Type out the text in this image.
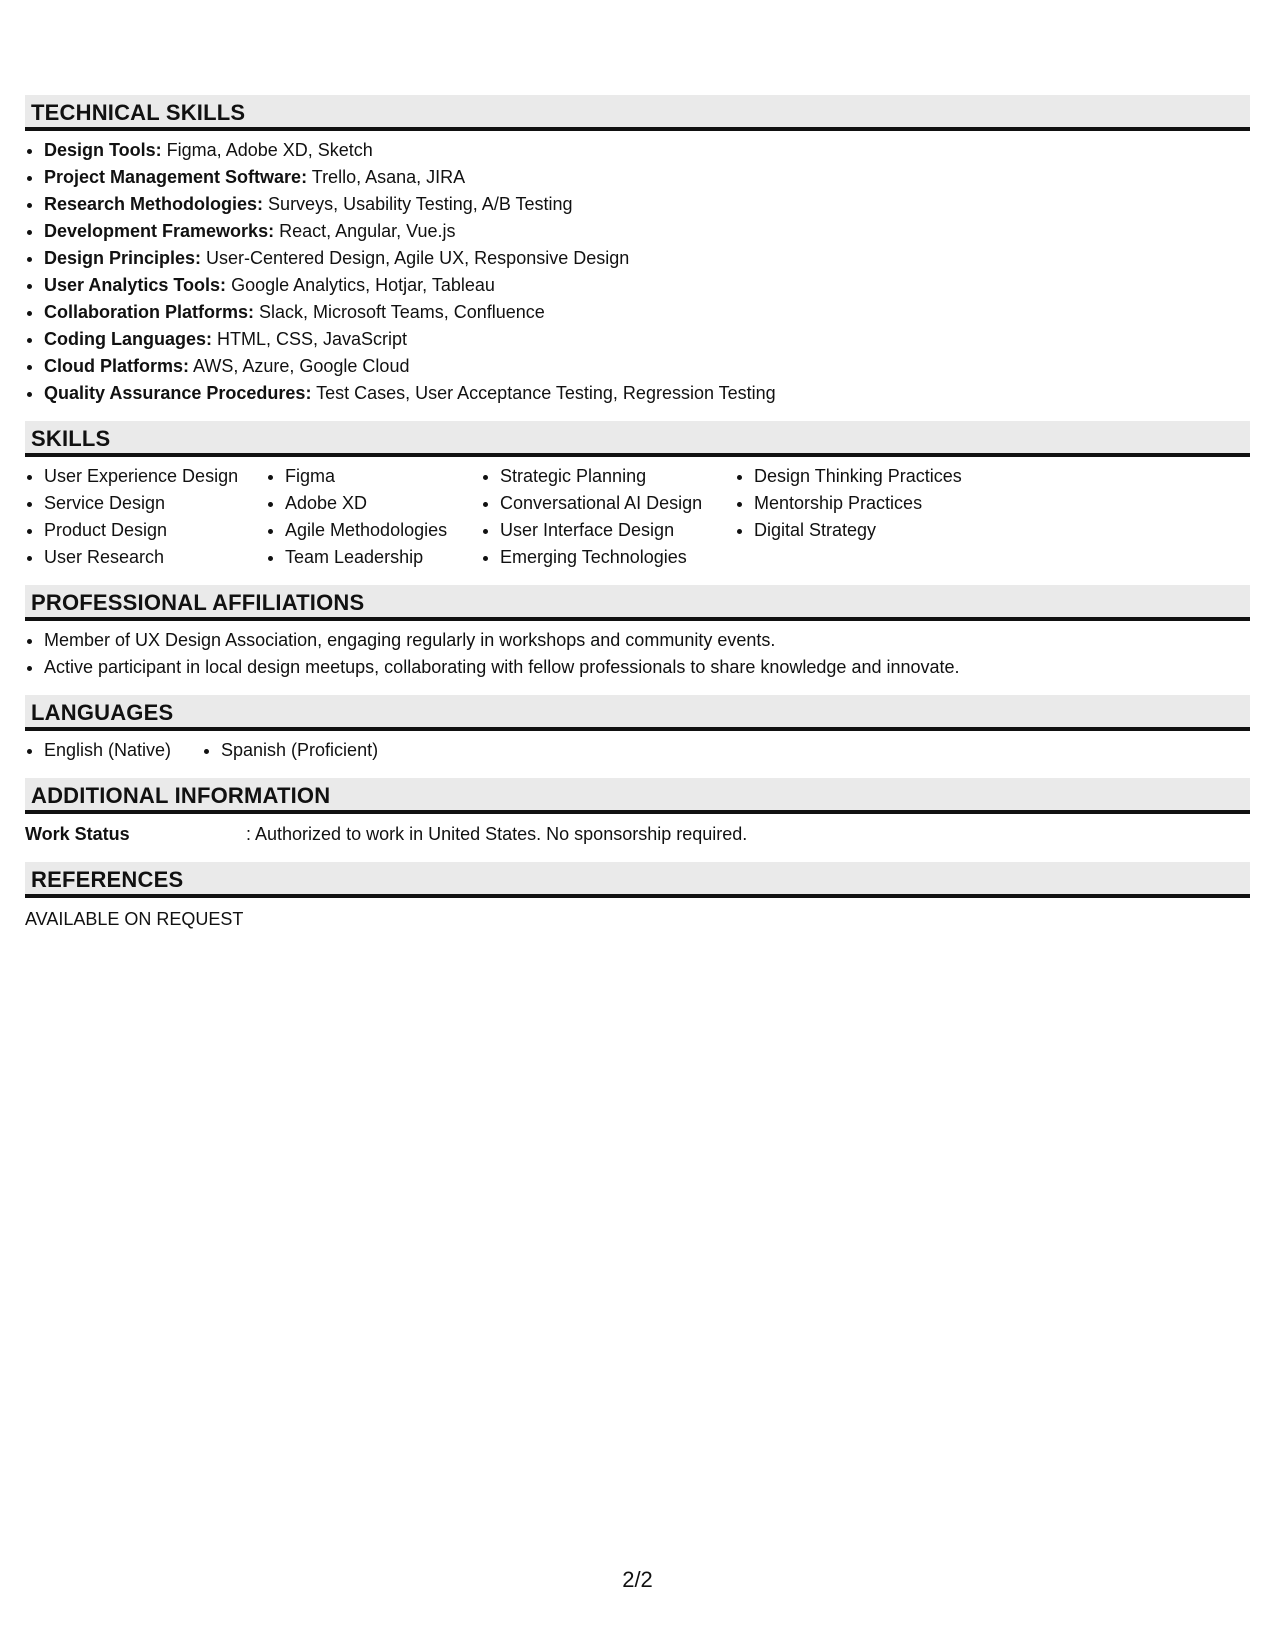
TECHNICAL SKILLS
• Design Tools: Figma, Adobe XD, Sketch
• Project Management Software: Trello, Asana, JIRA
• Research Methodologies: Surveys, Usability Testing, A/B Testing
• Development Frameworks: React, Angular, Vue.js
• Design Principles: User-Centered Design, Agile UX, Responsive Design
• User Analytics Tools: Google Analytics, Hotjar, Tableau
• Collaboration Platforms: Slack, Microsoft Teams, Confluence
• Coding Languages: HTML, CSS, JavaScript
• Cloud Platforms: AWS, Azure, Google Cloud
• Quality Assurance Procedures: Test Cases, User Acceptance Testing, Regression Testing
SKILLS
• User Experience Design
• Service Design
• Product Design
• User Research
• Figma
• Adobe XD
• Agile Methodologies
• Team Leadership
• Strategic Planning
• Conversational AI Design
• User Interface Design
• Emerging Technologies
• Design Thinking Practices
• Mentorship Practices
• Digital Strategy
PROFESSIONAL AFFILIATIONS
• Member of UX Design Association, engaging regularly in workshops and community events.
• Active participant in local design meetups, collaborating with fellow professionals to share knowledge and innovate.
LANGUAGES
• English (Native)
•	Spanish (Proficient)
ADDITIONAL INFORMATION
Work Status	: Authorized to work in United States. No sponsorship required.
REFERENCES
AVAILABLE ON REQUEST
2/2
